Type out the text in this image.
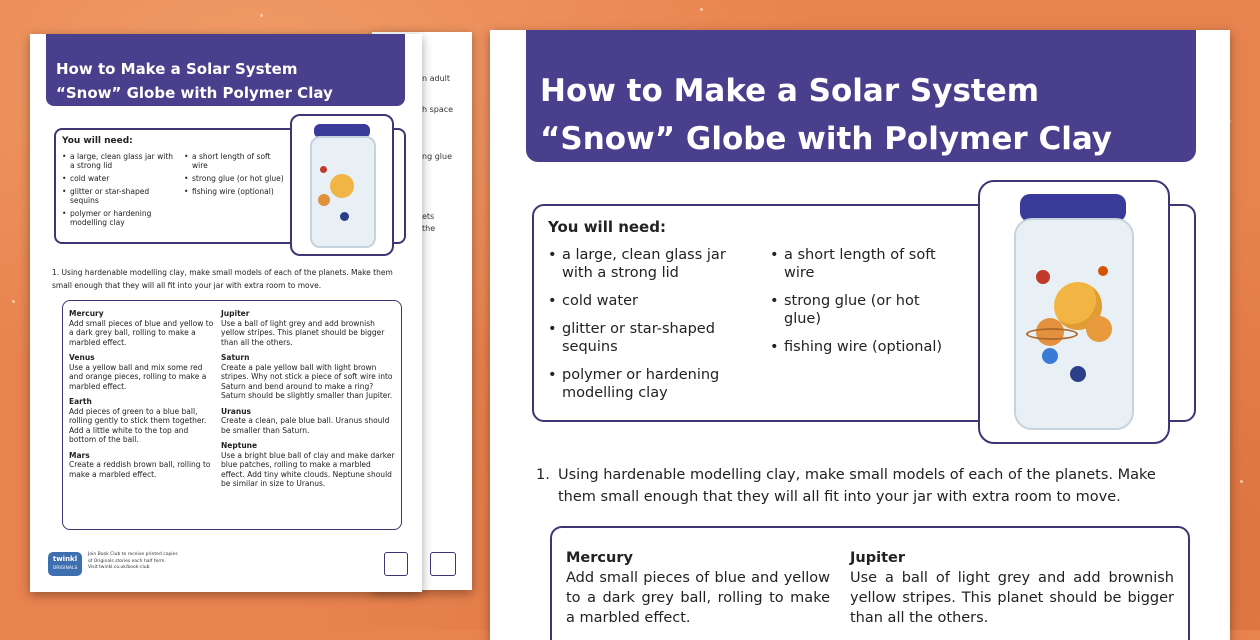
n adult
h space
ng glue
ets
the
How to Make a Solar System
“Snow” Globe with Polymer Clay
You will need:
• a large, clean glass jar with a strong lid
• cold water
• glitter or star-shaped sequins
• polymer or hardening modelling clay
• a short length of soft wire
• strong glue (or hot glue)
• fishing wire (optional)
1. Using hardenable modelling clay, make small models of each of the planets. Make them small enough that they will all fit into your jar with extra room to move.
Mercury
Add small pieces of blue and yellow to a dark grey ball, rolling to make a marbled effect.
Venus
Use a yellow ball and mix some red and orange pieces, rolling to make a marbled effect.
Earth
Add pieces of green to a blue ball, rolling gently to stick them together. Add a little white to the top and bottom of the ball.
Mars
Create a reddish brown ball, rolling to make a marbled effect.
Jupiter
Use a ball of light grey and add brownish yellow stripes. This planet should be bigger than all the others.
Saturn
Create a pale yellow ball with light brown stripes. Why not stick a piece of soft wire into Saturn and bend around to make a ring? Saturn should be slightly smaller than Jupiter.
Uranus
Create a clean, pale blue ball. Uranus should be smaller than Saturn.
Neptune
Use a bright blue ball of clay and make darker blue patches, rolling to make a marbled effect. Add tiny white clouds. Neptune should be similar in size to Uranus.
twinkl
ORIGINALS
Join Book Club to receive printed copies
of Originals stories each half term.
Visit twinkl.co.uk/book-club
How to Make a Solar System
“Snow” Globe with Polymer Clay
You will need:
• a large, clean glass jar with a strong lid
• cold water
• glitter or star-shaped sequins
• polymer or hardening modelling clay
• a short length of soft wire
• strong glue (or hot glue)
• fishing wire (optional)
1. Using hardenable modelling clay, make small models of each of the planets. Make them small enough that they will all fit into your jar with extra room to move.
Mercury
Add small pieces of blue and yellow to a dark grey ball, rolling to make a marbled effect.
Jupiter
Use a ball of light grey and add brownish yellow stripes. This planet should be bigger than all the others.
